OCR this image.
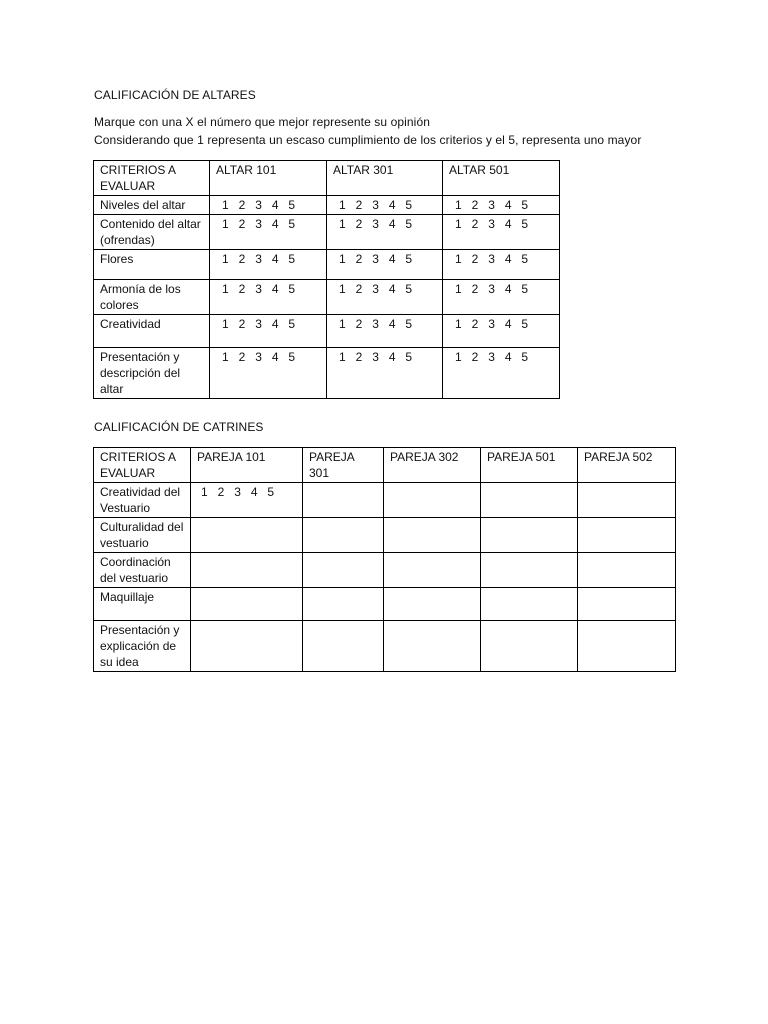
CALIFICACIÓN DE ALTARES
Marque con una X el número que mejor represente su opinión
Considerando que 1 representa un escaso cumplimiento de los criterios y el 5, representa uno mayor
CRITERIOS A EVALUAR	ALTAR 101	ALTAR 301	ALTAR 501
Niveles del altar	1 2 3 4 5	1 2 3 4 5	1 2 3 4 5
Contenido del altar (ofrendas)	1 2 3 4 5	1 2 3 4 5	1 2 3 4 5
Flores	1 2 3 4 5	1 2 3 4 5	1 2 3 4 5
Armonía de los colores	1 2 3 4 5	1 2 3 4 5	1 2 3 4 5
Creatividad	1 2 3 4 5	1 2 3 4 5	1 2 3 4 5
Presentación y descripción del altar	1 2 3 4 5	1 2 3 4 5	1 2 3 4 5
CALIFICACIÓN DE CATRINES
CRITERIOS A EVALUAR	PAREJA 101	PAREJA 301	PAREJA 302	PAREJA 501	PAREJA 502
Creatividad del Vestuario	1 2 3 4 5				
Culturalidad del vestuario					
Coordinación del vestuario					
Maquillaje					
Presentación y explicación de su idea					
